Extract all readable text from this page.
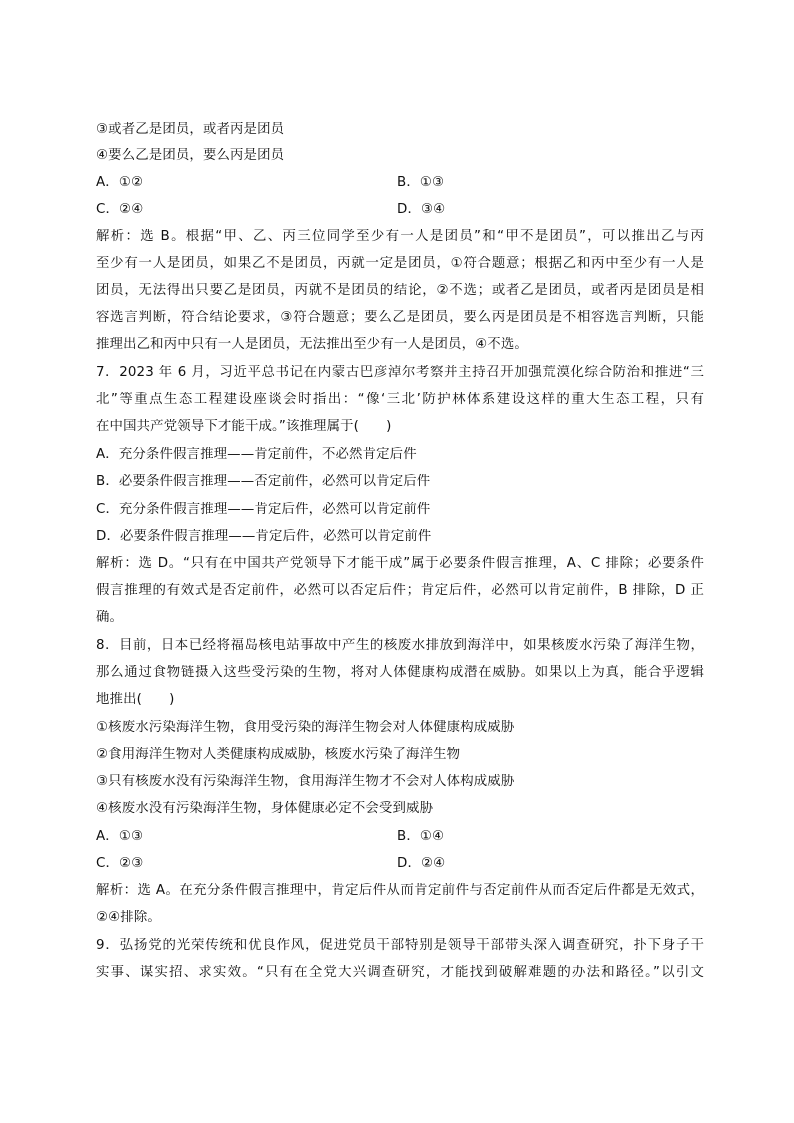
③或者乙是团员，或者丙是团员
④要么乙是团员，要么丙是团员
A．①②	B．①③
C．②④	D．③④
解析：选 B。根据“甲、乙、丙三位同学至少有一人是团员”和“甲不是团员”，可以推出乙与丙
至少有一人是团员，如果乙不是团员，丙就一定是团员，①符合题意；根据乙和丙中至少有一人是
团员，无法得出只要乙是团员，丙就不是团员的结论，②不选；或者乙是团员，或者丙是团员是相
容选言判断，符合结论要求，③符合题意；要么乙是团员，要么丙是团员是不相容选言判断，只能
推理出乙和丙中只有一人是团员，无法推出至少有一人是团员，④不选。
7．2023 年 6 月，习近平总书记在内蒙古巴彦淖尔考察并主持召开加强荒漠化综合防治和推进“三
北”等重点生态工程建设座谈会时指出：“像‘三北’防护林体系建设这样的重大生态工程，只有
在中国共产党领导下才能干成。”该推理属于(　　)
A．充分条件假言推理——肯定前件，不必然肯定后件
B．必要条件假言推理——否定前件，必然可以肯定后件
C．充分条件假言推理——肯定后件，必然可以肯定前件
D．必要条件假言推理——肯定后件，必然可以肯定前件
解析：选 D。“只有在中国共产党领导下才能干成”属于必要条件假言推理，A、C 排除；必要条件
假言推理的有效式是否定前件，必然可以否定后件；肯定后件，必然可以肯定前件，B 排除，D 正
确。
8．目前，日本已经将福岛核电站事故中产生的核废水排放到海洋中，如果核废水污染了海洋生物，
那么通过食物链摄入这些受污染的生物，将对人体健康构成潜在威胁。如果以上为真，能合乎逻辑
地推出(　　)
①核废水污染海洋生物，食用受污染的海洋生物会对人体健康构成威胁
②食用海洋生物对人类健康构成威胁，核废水污染了海洋生物
③只有核废水没有污染海洋生物，食用海洋生物才不会对人体构成威胁
④核废水没有污染海洋生物，身体健康必定不会受到威胁
A．①③	B．①④
C．②③	D．②④
解析：选 A。在充分条件假言推理中，肯定后件从而肯定前件与否定前件从而否定后件都是无效式，
②④排除。
9．弘扬党的光荣传统和优良作风，促进党员干部特别是领导干部带头深入调查研究，扑下身子干
实事、谋实招、求实效。“只有在全党大兴调查研究，才能找到破解难题的办法和路径。”以引文
